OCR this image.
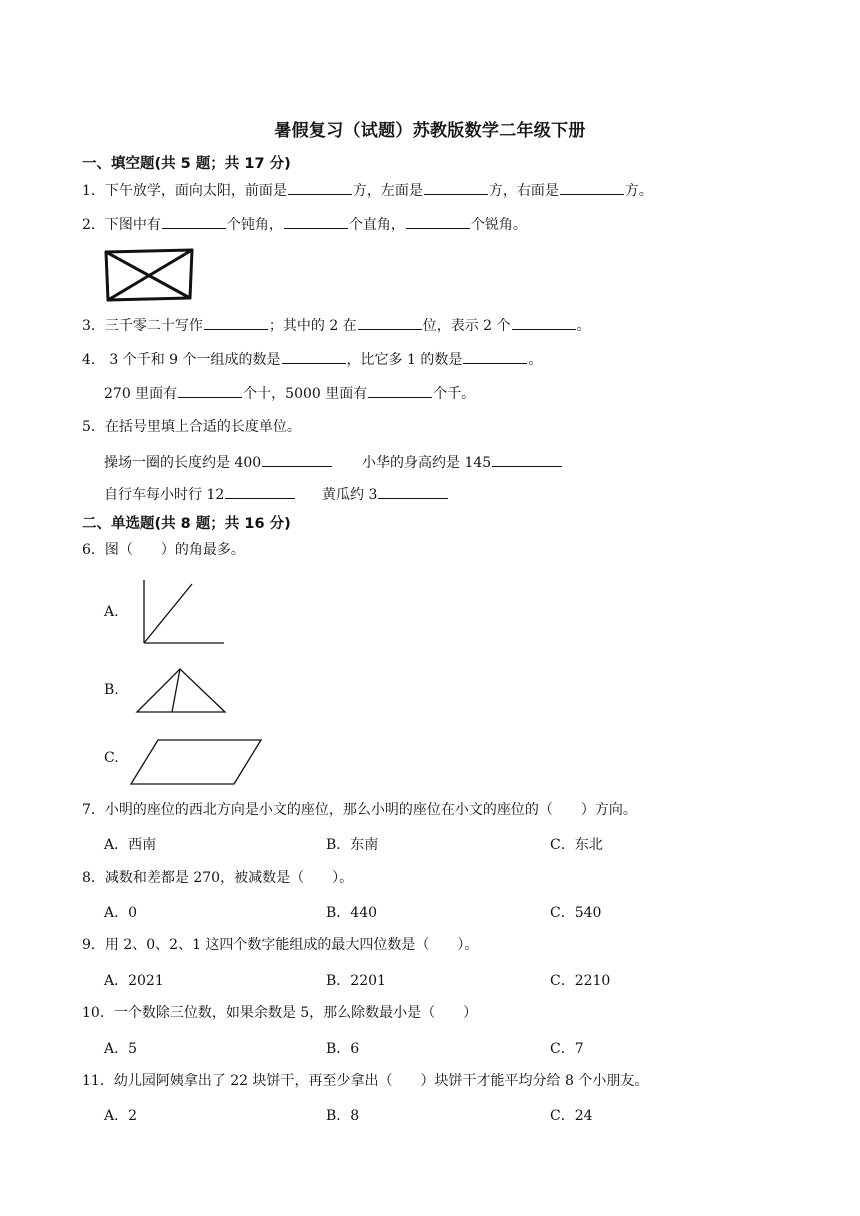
暑假复习（试题）苏教版数学二年级下册
一、填空题(共 5 题；共 17 分)
1．下午放学，面向太阳，前面是	方，左面是	方，右面是	方。
2．下图中有	个钝角，	个直角，	个锐角。
3．三千零二十写作	；其中的 2 在	位，表示 2 个	。
4． 3 个千和 9 个一组成的数是	，比它多 1 的数是	。
270 里面有	个十，5000 里面有	个千。
5．在括号里填上合适的长度单位。
操场一圈的长度约是 400	小华的身高约是 145
自行车每小时行 12	黄瓜约 3
二、单选题(共 8 题；共 16 分)
6．图（　　）的角最多。
A.
B.
C.
7．小明的座位的西北方向是小文的座位，那么小明的座位在小文的座位的（　　）方向。
A．西南	B．东南	C．东北
8．减数和差都是 270，被减数是（　　）。
A．0	B．440	C．540
9．用 2、0、2、1 这四个数字能组成的最大四位数是（　　）。
A．2021	B．2201	C．2210
10．一个数除三位数，如果余数是 5，那么除数最小是（　　）
A．5	B．6	C．7
11．幼儿园阿姨拿出了 22 块饼干，再至少拿出（　　）块饼干才能平均分给 8 个小朋友。
A．2	B．8	C．24
